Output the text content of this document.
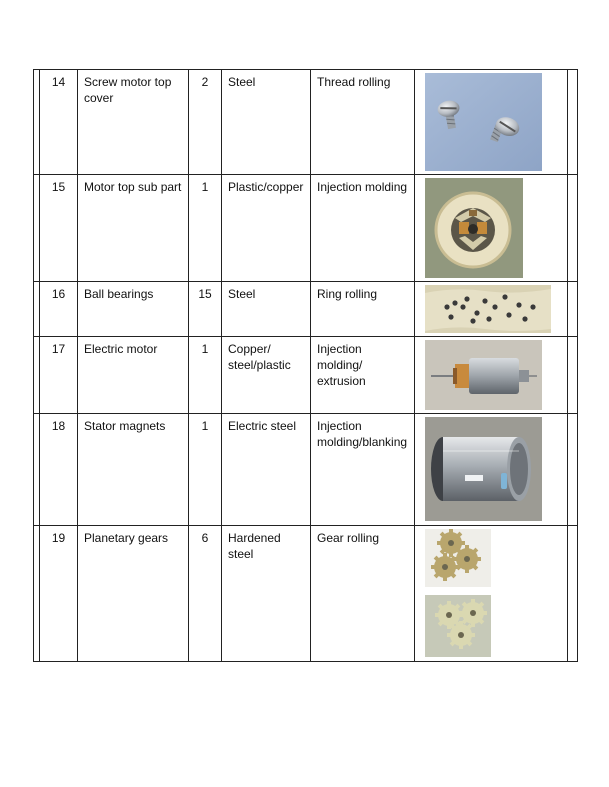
	14	Screw motor top cover	2	Steel	Thread rolling	

	15	Motor top sub part	1	Plastic/copper	Injection molding	

	16	Ball bearings	15	Steel	Ring rolling	

	17	Electric motor	1	Copper/ steel/plastic	Injection molding/ extrusion	

	18	Stator magnets	1	Electric steel	Injection molding/blanking	

	19	Planetary gears	6	Hardened steel	Gear rolling	
